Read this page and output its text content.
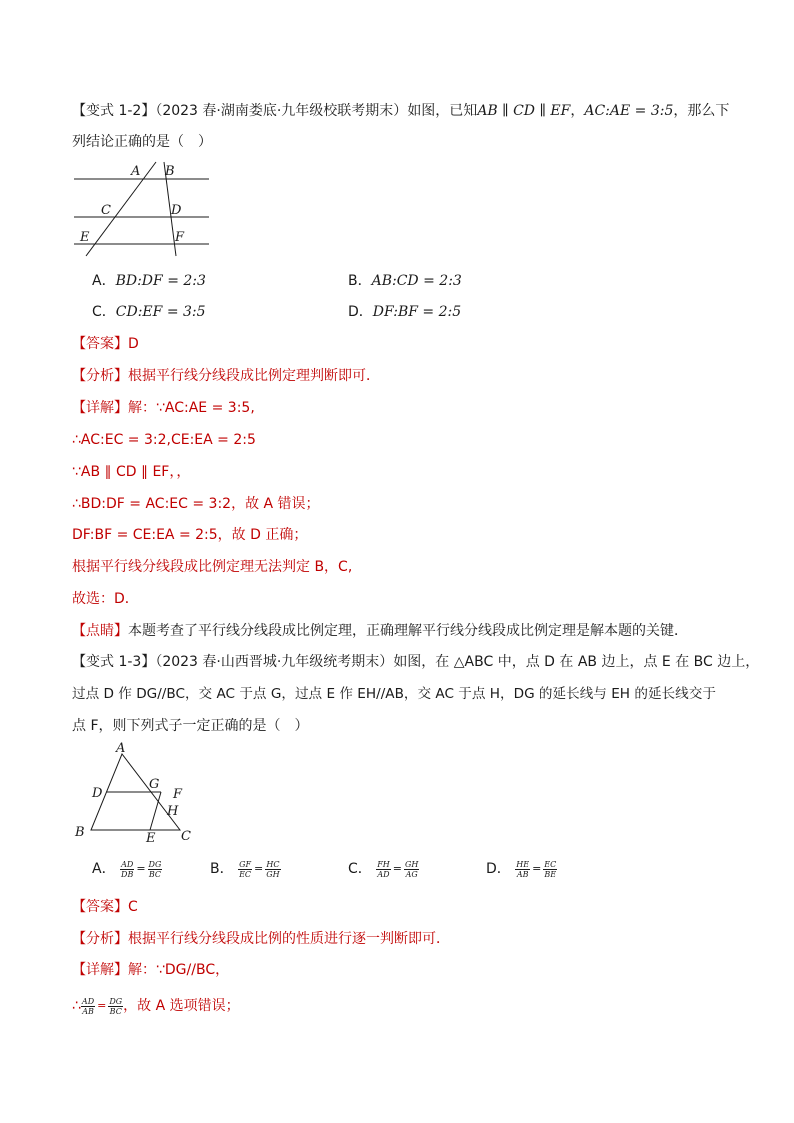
【变式 1-2】（2023 春·湖南娄底·九年级校联考期末）如图，已知AB ∥ CD ∥ EF，AC:AE = 3:5，那么下
列结论正确的是（　）
A B
C	D
E	F
A．BD:DF = 2:3	B．AB:CD = 2:3
C．CD:EF = 3:5	D．DF:BF = 2:5
【答案】D
【分析】根据平行线分线段成比例定理判断即可．
【详解】解：∵AC:AE = 3:5,
∴AC:EC = 3:2,CE:EA = 2:5
∵AB ∥ CD ∥ EF，，
∴BD:DF = AC:EC = 3:2，故 A 错误；
DF:BF = CE:EA = 2:5，故 D 正确；
根据平行线分线段成比例定理无法判定 B，C,
故选：D．
【点睛】本题考查了平行线分线段成比例定理，正确理解平行线分线段成比例定理是解本题的关键．
【变式 1-3】（2023 春·山西晋城·九年级统考期末）如图，在 △ABC 中，点 D 在 AB 边上，点 E 在 BC 边上，
过点 D 作 DG//BC，交 AC 于点 G，过点 E 作 EH//AB，交 AC 于点 H，DG 的延长线与 EH 的延长线交于
点 F，则下列式子一定正确的是（　）
A
D
G
F
H
B	E C
A． $\frac{AD}{DB} = \frac{DG}{BC}$	B． $\frac{GF}{EC} = \frac{HC}{GH}$	C． $\frac{FH}{AD} = \frac{GH}{AG}$	D． $\frac{HE}{AB} = \frac{EC}{BE}$
【答案】C
【分析】根据平行线分线段成比例的性质进行逐一判断即可．
【详解】解：∵DG//BC，
∴ $\frac{AD}{AB} = \frac{DG}{BC}$ ，故 A 选项错误；
